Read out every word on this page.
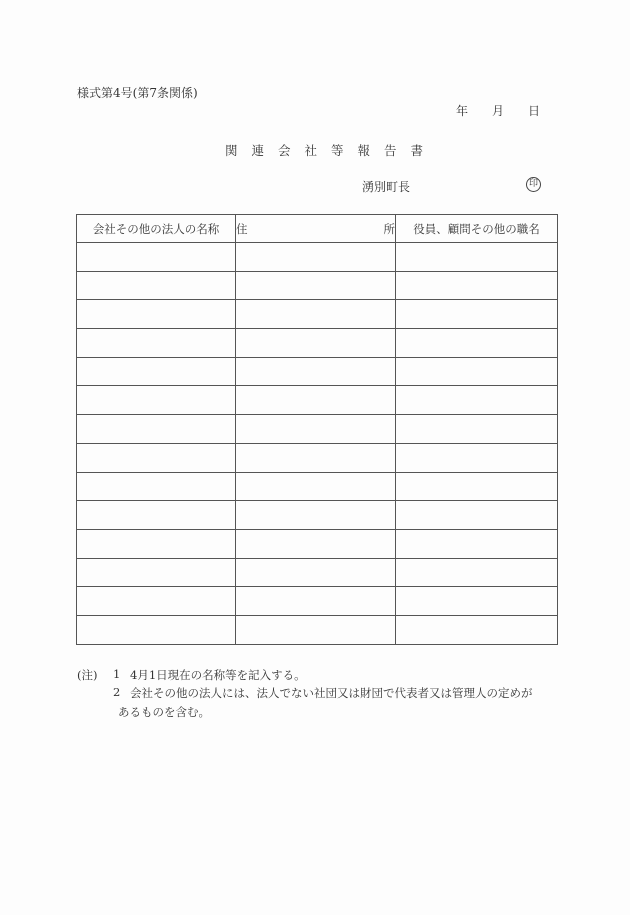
様式第4号(第7条関係)
年 月 日
関連会社等報告書
湧別町長	印
会社その他の法人の名称	住 所	役員、顧問その他の職名

(注) 1 4月1日現在の名称等を記入する。
2 会社その他の法人には、法人でない社団又は財団で代表者又は管理人の定めが
あるものを含む。
